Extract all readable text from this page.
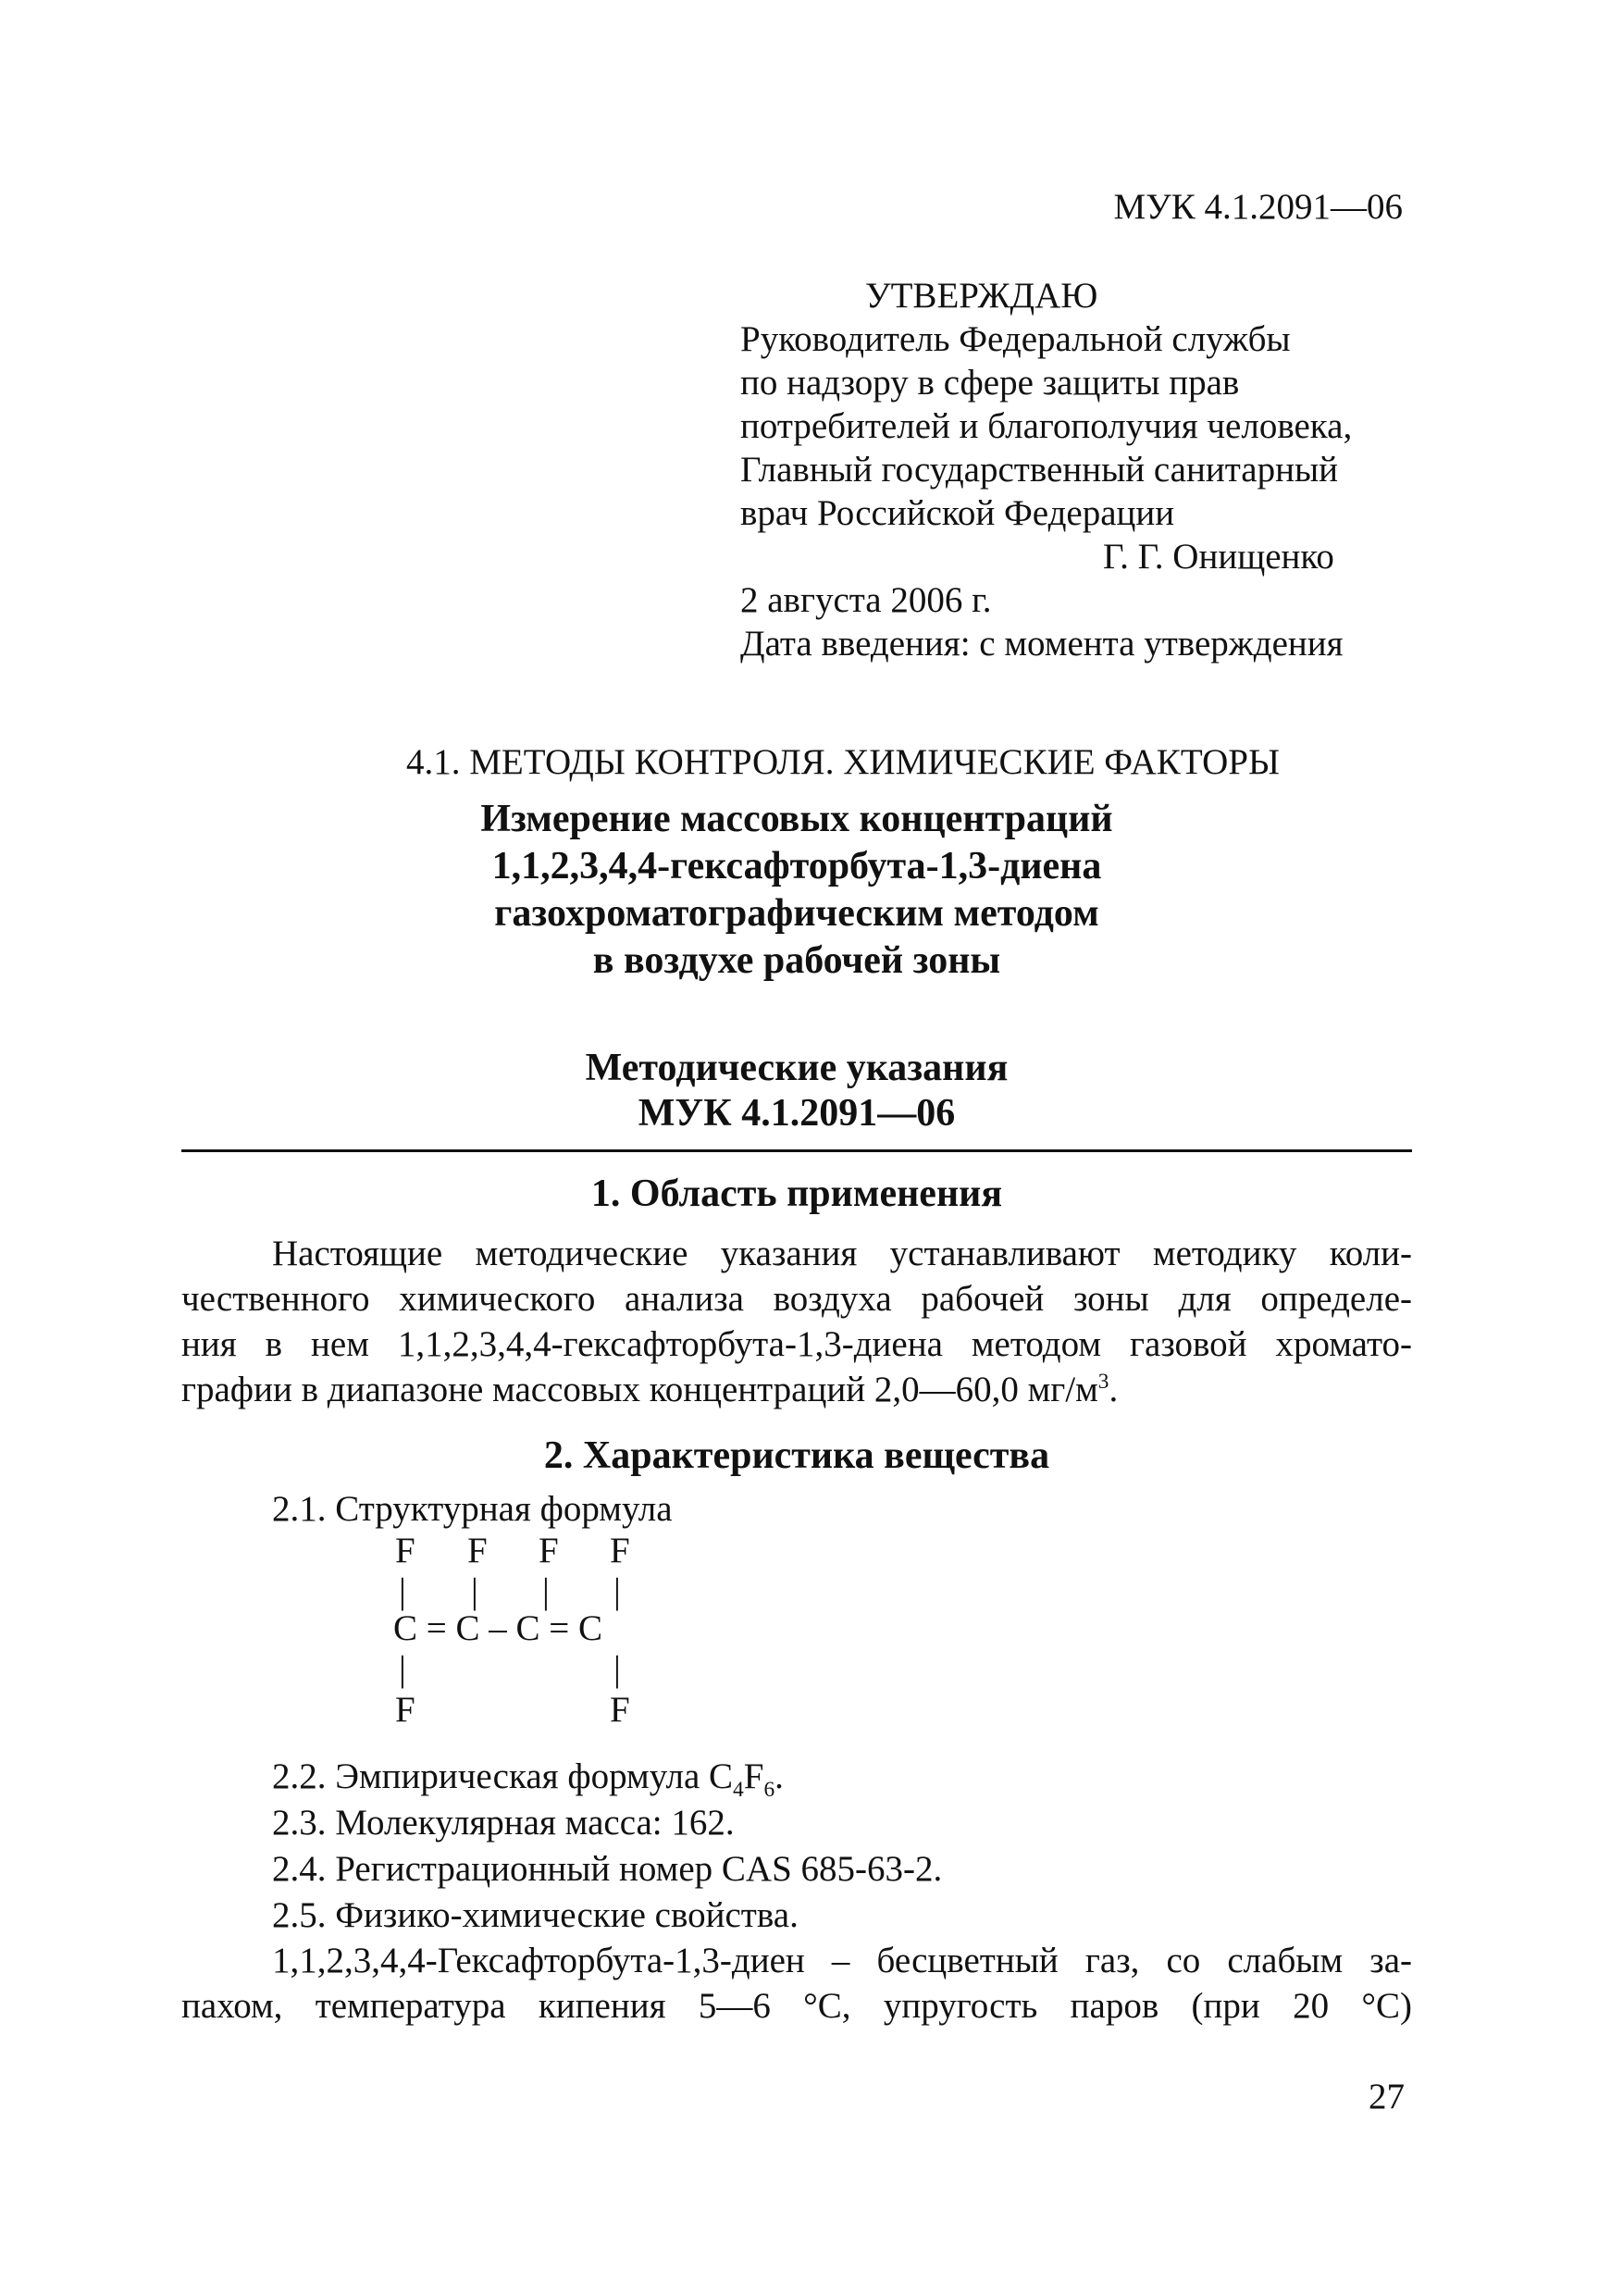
МУК 4.1.2091—06
УТВЕРЖДАЮ
Руководитель Федеральной службы
по надзору в сфере защиты прав
потребителей и благополучия человека,
Главный государственный санитарный
врач Российской Федерации
Г. Г. Онищенко
2 августа 2006 г.
Дата введения: с момента утверждения
4.1. МЕТОДЫ КОНТРОЛЯ. ХИМИЧЕСКИЕ ФАКТОРЫ
Измерение массовых концентраций
1,1,2,3,4,4-гексафторбута-1,3-диена
газохроматографическим методом
в воздухе рабочей зоны
Методические указания
МУК 4.1.2091—06
1. Область применения
Настоящие методические указания устанавливают методику коли-
чественного химического анализа воздуха рабочей зоны для определе-
ния в нем 1,1,2,3,4,4-гексафторбута-1,3-диена методом газовой хромато-
графии в диапазоне массовых концентраций 2,0—60,0 $мг/м^3$.
2. Характеристика вещества
2.1. Структурная формула
F F F F
| | | |
C = C – C = C
|	|
F	F
2.2. Эмпирическая формула $C_4F_6$.
2.3. Молекулярная масса: 162.
2.4. Регистрационный номер CAS 685-63-2.
2.5. Физико-химические свойства.
1,1,2,3,4,4-Гексафторбута-1,3-диен – бесцветный газ, со слабым за-
пахом, температура кипения 5—6 °С, упругость паров (при 20 °С)
27
